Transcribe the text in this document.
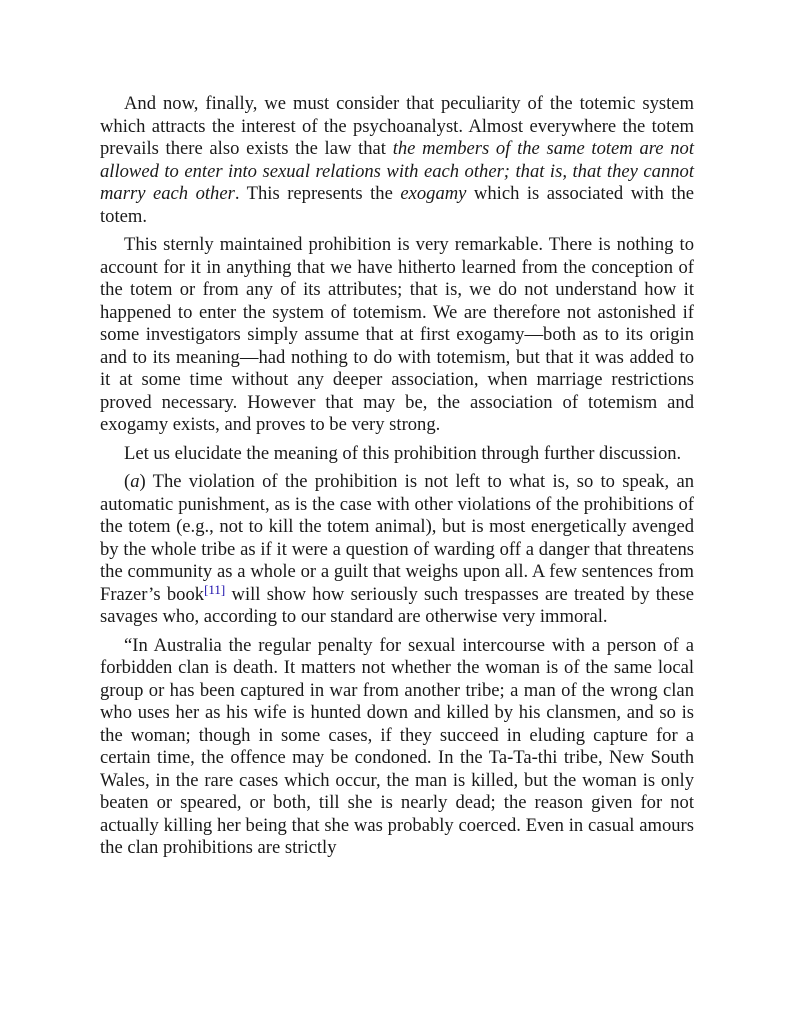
And now, finally, we must consider that peculiarity of the totemic system which attracts the interest of the psychoanalyst. Almost everywhere the totem prevails there also exists the law that the members of the same totem are not allowed to enter into sexual relations with each other; that is, that they cannot marry each other. This represents the exogamy which is associated with the totem.

This sternly maintained prohibition is very remarkable. There is nothing to account for it in anything that we have hitherto learned from the conception of the totem or from any of its attributes; that is, we do not understand how it happened to enter the system of totemism. We are therefore not astonished if some investigators simply assume that at first exogamy—both as to its origin and to its meaning—had nothing to do with totemism, but that it was added to it at some time without any deeper association, when marriage restrictions proved necessary. However that may be, the association of totemism and exogamy exists, and proves to be very strong.

Let us elucidate the meaning of this prohibition through further discussion.

(a) The violation of the prohibition is not left to what is, so to speak, an automatic punishment, as is the case with other violations of the prohibitions of the totem (e.g., not to kill the totem animal), but is most energetically avenged by the whole tribe as if it were a question of warding off a danger that threatens the community as a whole or a guilt that weighs upon all. A few sentences from Frazer’s book[11] will show how seriously such trespasses are treated by these savages who, according to our standard are otherwise very immoral.

“In Australia the regular penalty for sexual intercourse with a person of a forbidden clan is death. It matters not whether the woman is of the same local group or has been captured in war from another tribe; a man of the wrong clan who uses her as his wife is hunted down and killed by his clansmen, and so is the woman; though in some cases, if they succeed in eluding capture for a certain time, the offence may be condoned. In the Ta-Ta-thi tribe, New South Wales, in the rare cases which occur, the man is killed, but the woman is only beaten or speared, or both, till she is nearly dead; the reason given for not actually killing her being that she was probably coerced. Even in casual amours the clan prohibitions are strictly
